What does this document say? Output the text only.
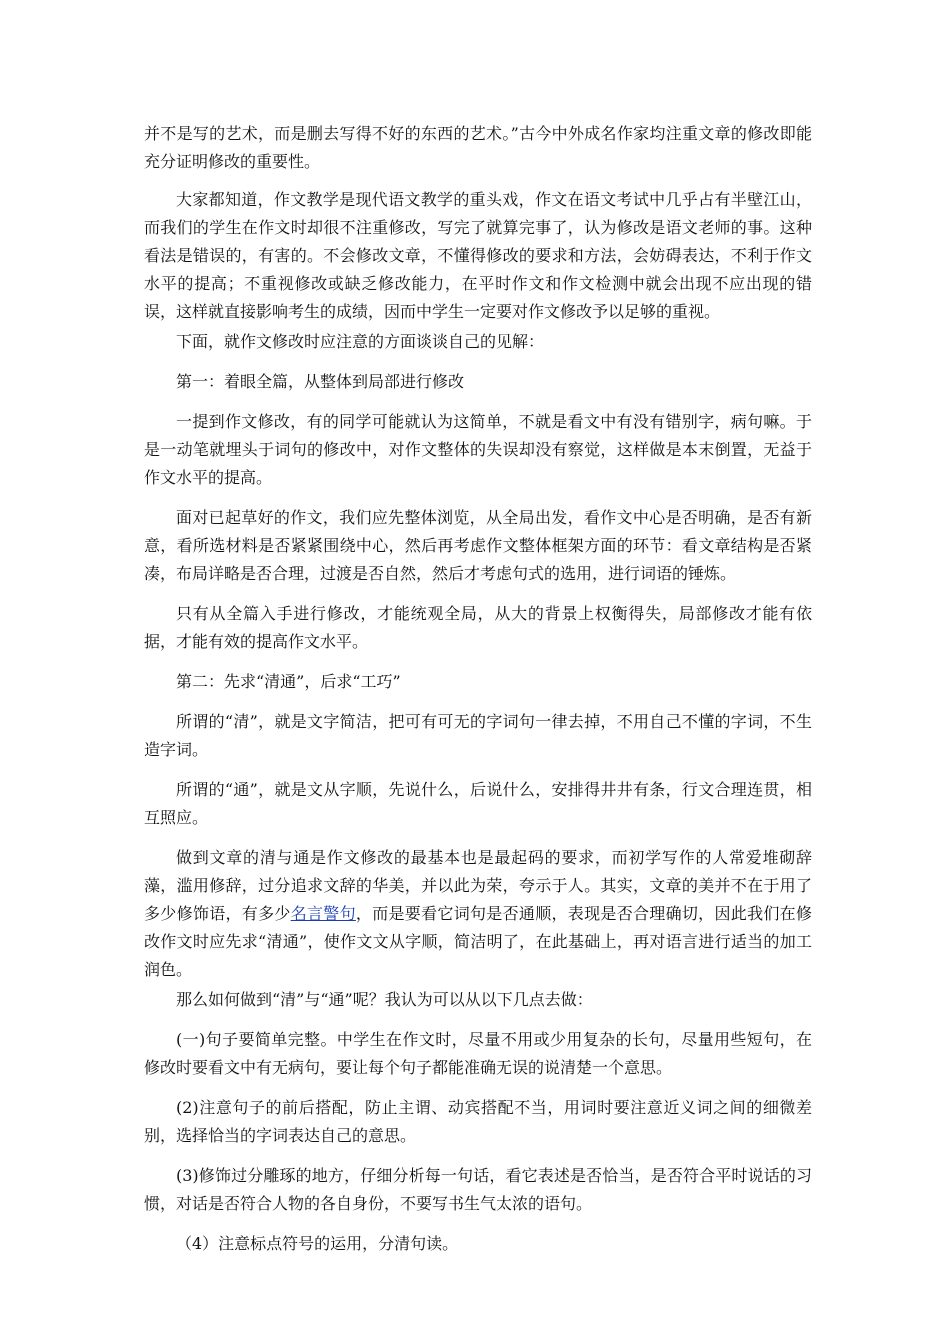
并不是写的艺术，而是删去写得不好的东西的艺术。”古今中外成名作家均注重文章的修改即能充分证明修改的重要性。

大家都知道，作文教学是现代语文教学的重头戏，作文在语文考试中几乎占有半壁江山，而我们的学生在作文时却很不注重修改，写完了就算完事了，认为修改是语文老师的事。这种看法是错误的，有害的。不会修改文章，不懂得修改的要求和方法，会妨碍表达，不利于作文水平的提高；不重视修改或缺乏修改能力，在平时作文和作文检测中就会出现不应出现的错误，这样就直接影响考生的成绩，因而中学生一定要对作文修改予以足够的重视。

下面，就作文修改时应注意的方面谈谈自己的见解：

第一：着眼全篇，从整体到局部进行修改

一提到作文修改，有的同学可能就认为这简单，不就是看文中有没有错别字，病句嘛。于是一动笔就埋头于词句的修改中，对作文整体的失误却没有察觉，这样做是本末倒置，无益于作文水平的提高。

面对已起草好的作文，我们应先整体浏览，从全局出发，看作文中心是否明确，是否有新意，看所选材料是否紧紧围绕中心，然后再考虑作文整体框架方面的环节：看文章结构是否紧凑，布局详略是否合理，过渡是否自然，然后才考虑句式的选用，进行词语的锤炼。

只有从全篇入手进行修改，才能统观全局，从大的背景上权衡得失，局部修改才能有依据，才能有效的提高作文水平。

第二：先求“清通”，后求“工巧”

所谓的“清”，就是文字简洁，把可有可无的字词句一律去掉，不用自己不懂的字词，不生造字词。

所谓的“通”，就是文从字顺，先说什么，后说什么，安排得井井有条，行文合理连贯，相互照应。

做到文章的清与通是作文修改的最基本也是最起码的要求，而初学写作的人常爱堆砌辞藻，滥用修辞，过分追求文辞的华美，并以此为荣，夸示于人。其实，文章的美并不在于用了多少修饰语，有多少名言警句，而是要看它词句是否通顺，表现是否合理确切，因此我们在修改作文时应先求“清通”，使作文文从字顺，简洁明了，在此基础上，再对语言进行适当的加工润色。

那么如何做到“清”与“通”呢？我认为可以从以下几点去做：

(一)句子要简单完整。中学生在作文时，尽量不用或少用复杂的长句，尽量用些短句，在修改时要看文中有无病句，要让每个句子都能准确无误的说清楚一个意思。

(2)注意句子的前后搭配，防止主谓、动宾搭配不当，用词时要注意近义词之间的细微差别，选择恰当的字词表达自己的意思。

(3)修饰过分雕琢的地方，仔细分析每一句话，看它表述是否恰当，是否符合平时说话的习惯，对话是否符合人物的各自身份，不要写书生气太浓的语句。

（4）注意标点符号的运用，分清句读。
